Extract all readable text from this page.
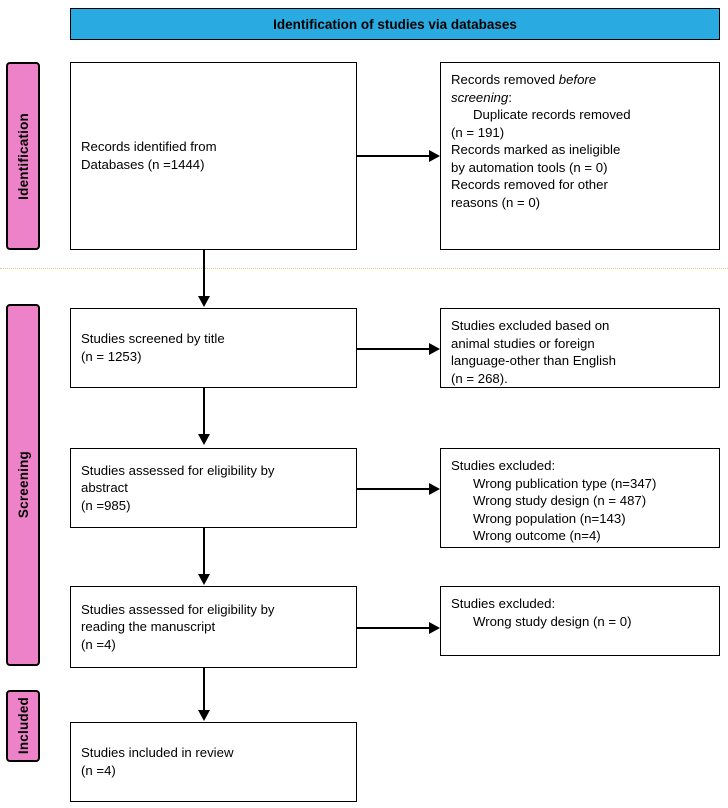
Identification of studies via databases
Identification
Screening
Included
Records identified from
Databases (n =1444)
Records removed before
screening:
Duplicate records removed
(n = 191)
Records marked as ineligible
by automation tools (n = 0)
Records removed for other
reasons (n = 0)
Studies screened by title
(n = 1253)
Studies excluded based on
animal studies or foreign
language-other than English
(n = 268).
Studies assessed for eligibility by
abstract
(n =985)
Studies excluded:
Wrong publication type (n=347)
Wrong study design (n = 487)
Wrong population (n=143)
Wrong outcome (n=4)
Studies assessed for eligibility by
reading the manuscript
(n =4)
Studies excluded:
Wrong study design (n = 0)
Studies included in review
(n =4)
